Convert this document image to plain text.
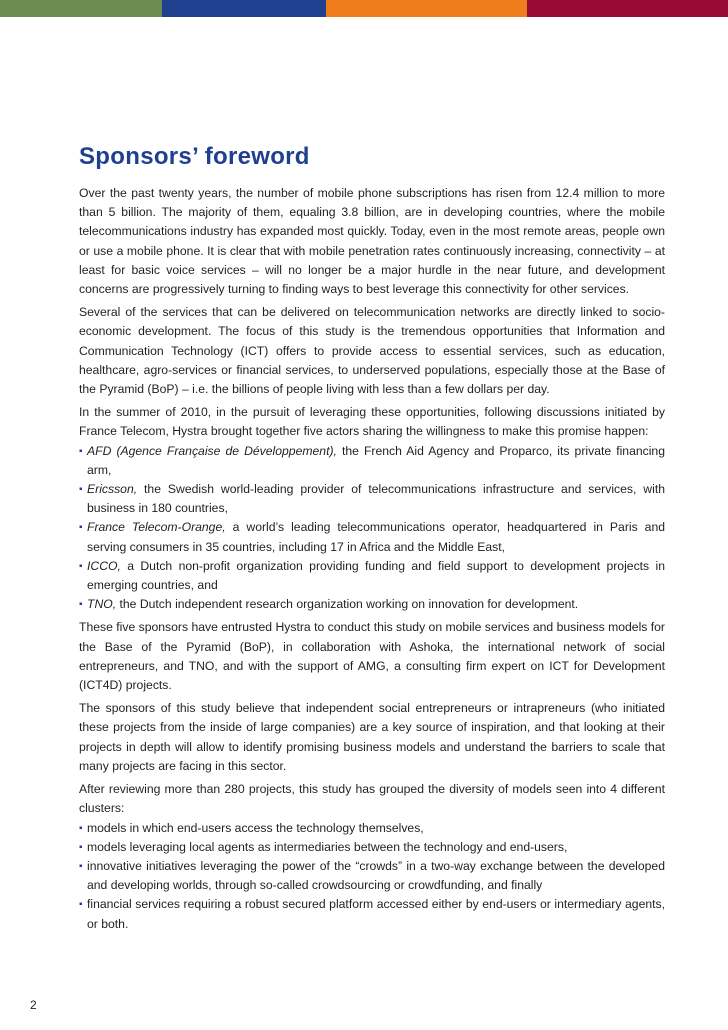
Sponsors’ foreword

Over the past twenty years, the number of mobile phone subscriptions has risen from 12.4 million to more than 5 billion. The majority of them, equaling 3.8 billion, are in developing countries, where the mobile telecommunications industry has expanded most quickly. Today, even in the most remote areas, people own or use a mobile phone. It is clear that with mobile penetration rates continuously increasing, connectivity – at least for basic voice services – will no longer be a major hurdle in the near future, and development concerns are progressively turning to finding ways to best leverage this connectivity for other services.

Several of the services that can be delivered on telecommunication networks are directly linked to socio-economic development. The focus of this study is the tremendous opportunities that Information and Communication Technology (ICT) offers to provide access to essential services, such as education, healthcare, agro-services or financial services, to underserved populations, especially those at the Base of the Pyramid (BoP) – i.e. the billions of people living with less than a few dollars per day.

In the summer of 2010, in the pursuit of leveraging these opportunities, following discussions initiated by France Telecom, Hystra brought together five actors sharing the willingness to make this promise happen:

▪ AFD (Agence Française de Développement), the French Aid Agency and Proparco, its private financing arm,
▪ Ericsson, the Swedish world-leading provider of telecommunications infrastructure and services, with business in 180 countries,
▪ France Telecom-Orange, a world’s leading telecommunications operator, headquartered in Paris and serving consumers in 35 countries, including 17 in Africa and the Middle East,
▪ ICCO, a Dutch non-profit organization providing funding and field support to development projects in emerging countries, and
▪ TNO, the Dutch independent research organization working on innovation for development.

These five sponsors have entrusted Hystra to conduct this study on mobile services and business models for the Base of the Pyramid (BoP), in collaboration with Ashoka, the international network of social entrepreneurs, and TNO, and with the support of AMG, a consulting firm expert on ICT for Development (ICT4D) projects.

The sponsors of this study believe that independent social entrepreneurs or intrapreneurs (who initiated these projects from the inside of large companies) are a key source of inspiration, and that looking at their projects in depth will allow to identify promising business models and understand the barriers to scale that many projects are facing in this sector.

After reviewing more than 280 projects, this study has grouped the diversity of models seen into 4 different clusters:

▪ models in which end-users access the technology themselves,
▪ models leveraging local agents as intermediaries between the technology and end-users,
▪ innovative initiatives leveraging the power of the “crowds” in a two-way exchange between the developed and developing worlds, through so-called crowdsourcing or crowdfunding, and finally
▪ financial services requiring a robust secured platform accessed either by end-users or intermediary agents, or both.
2
